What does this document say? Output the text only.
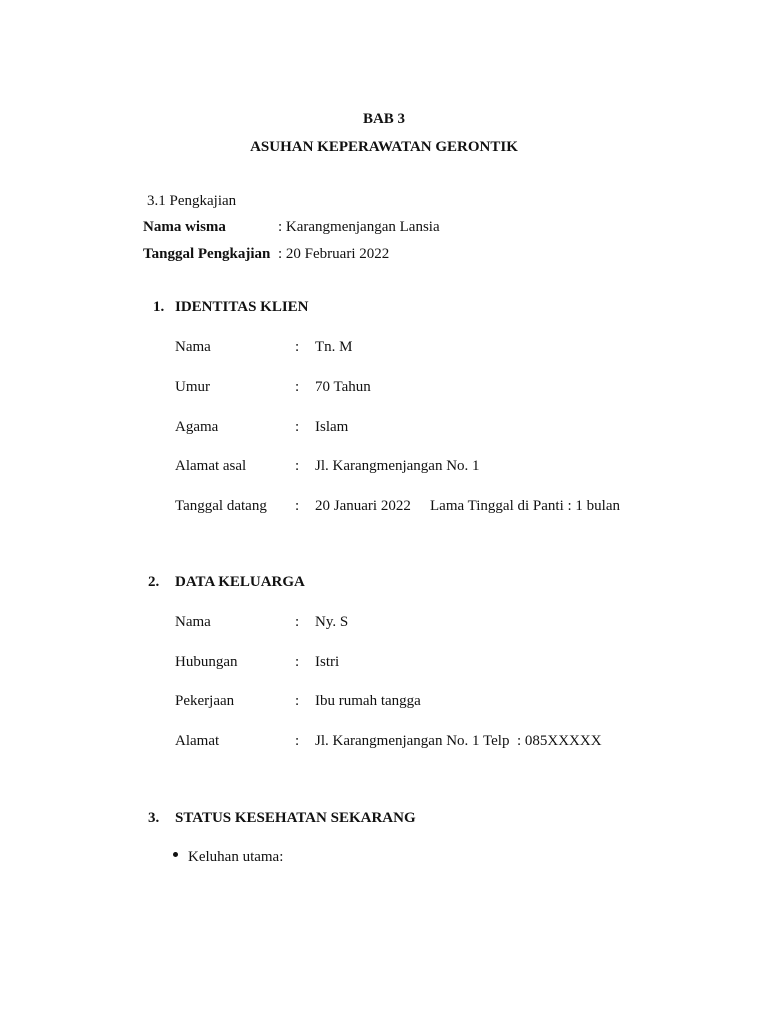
BAB 3
ASUHAN KEPERAWATAN GERONTIK
3.1 Pengkajian
Nama wisma	: Karangmenjangan Lansia
Tanggal Pengkajian : 20 Februari 2022
1. IDENTITAS KLIEN
Nama	: Tn. M
Umur	: 70 Tahun
Agama	: Islam
Alamat asal	: Jl. Karangmenjangan No. 1
Tanggal datang : 20 Januari 2022 Lama Tinggal di Panti : 1 bulan
2. DATA KELUARGA
Nama	: Ny. S
Hubungan	: Istri
Pekerjaan	: Ibu rumah tangga
Alamat	: Jl. Karangmenjangan No. 1 Telp  : 085XXXXX
3. STATUS KESEHATAN SEKARANG
Keluhan utama:
